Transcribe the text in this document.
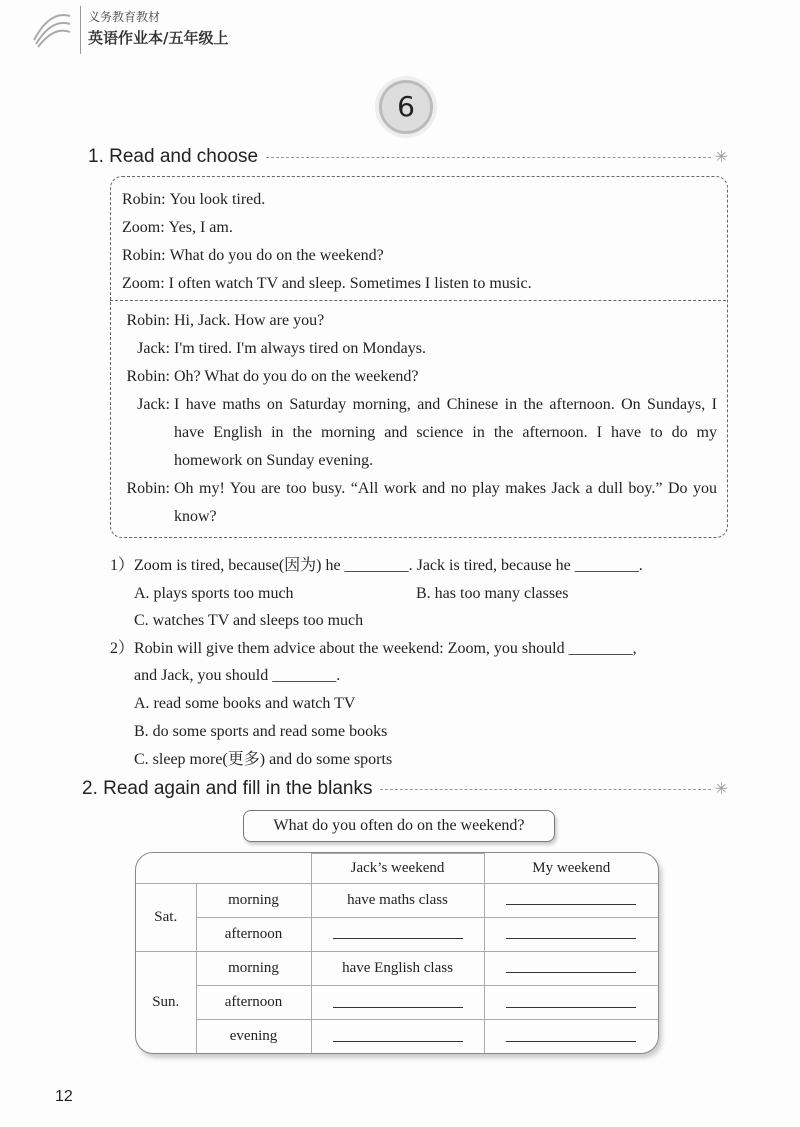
义务教育教材
英语作业本/五年级上
6
1. Read and choose	✳
Robin: You look tired.
Zoom: Yes, I am.
Robin: What do you do on the weekend?
Zoom: I often watch TV and sleep. Sometimes I listen to music.
Robin: Hi, Jack. How are you?
Jack: I'm tired. I'm always tired on Mondays.
Robin: Oh? What do you do on the weekend?
Jack: I have maths on Saturday morning, and Chinese in the afternoon. On Sundays, I have English in the morning and science in the afternoon. I have to do my homework on Sunday evening.
Robin: Oh my! You are too busy. “All work and no play makes Jack a dull boy.” Do you know?
1）Zoom is tired, because(因为) he ________. Jack is tired, because he ________.
A. plays sports too much	B. has too many classes
C. watches TV and sleeps too much
2）Robin will give them advice about the weekend: Zoom, you should ________,
and Jack, you should ________.
A. read some books and watch TV
B. do some sports and read some books
C. sleep more(更多) and do some sports
2. Read again and fill in the blanks	✳
What do you often do on the weekend?
		Jack’s weekend	My weekend
Sat.	morning	have maths class	
	afternoon		
Sun.	morning	have English class	
	afternoon		
	evening		
12
